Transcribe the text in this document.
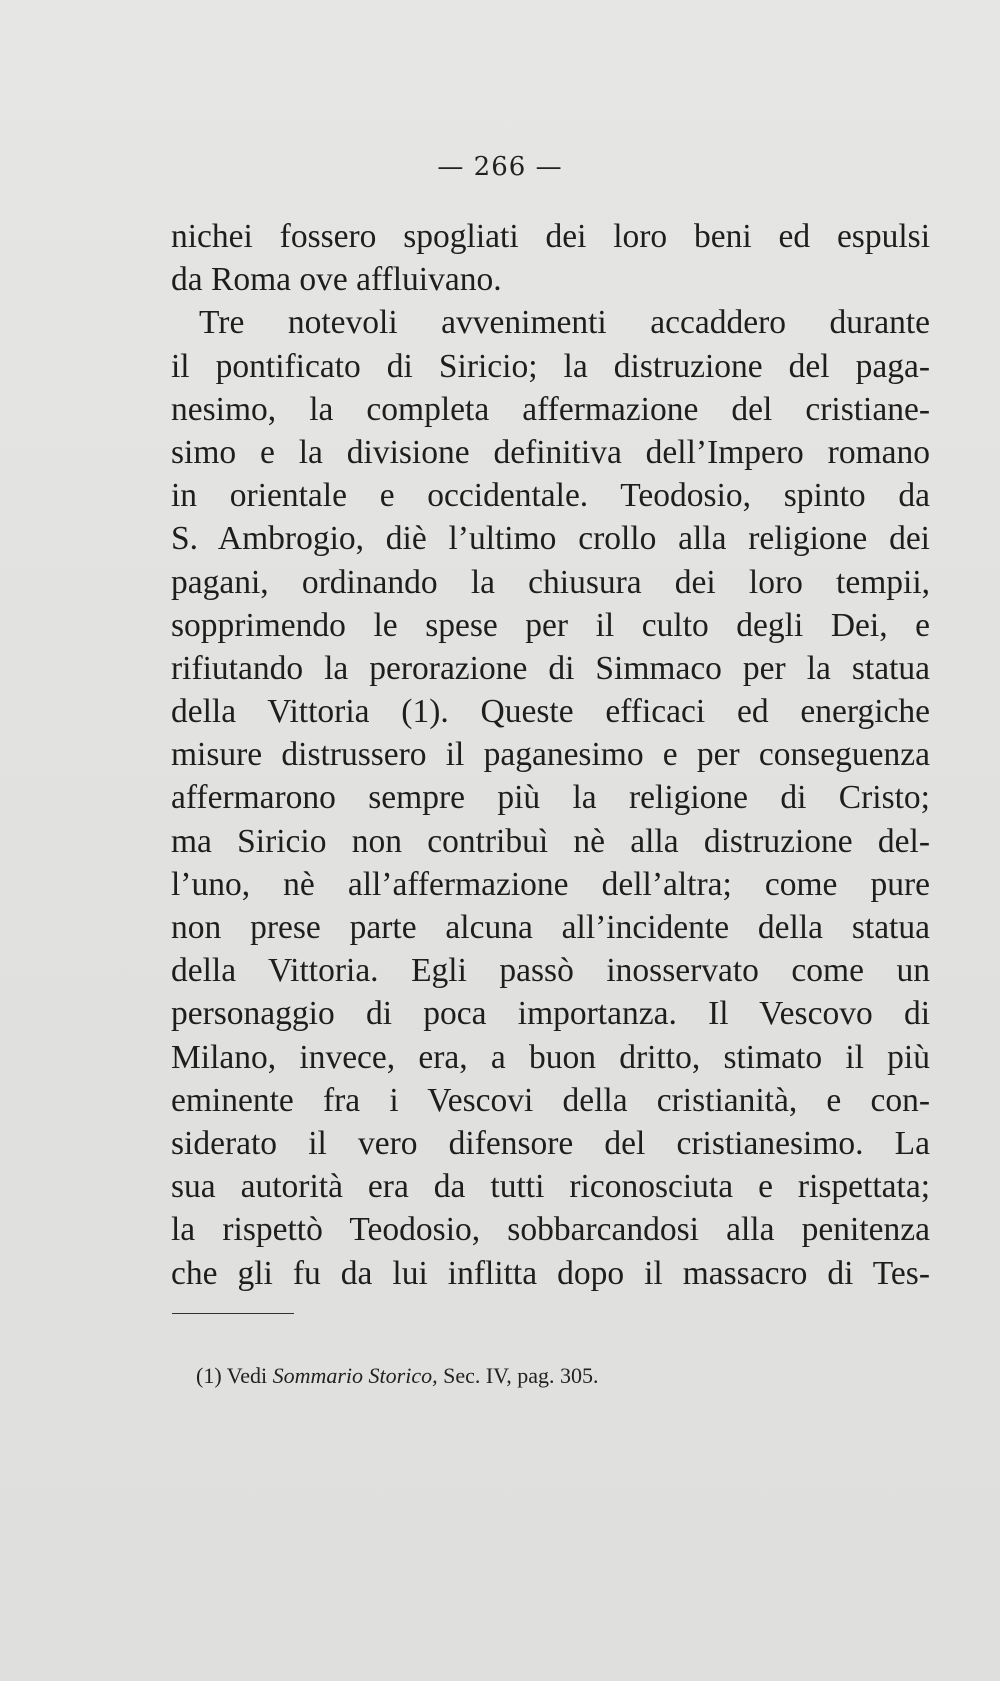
— 266 —
nichei fossero spogliati dei loro beni ed espulsi
da Roma ove affluivano.
Tre notevoli avvenimenti accaddero durante
il pontificato di Siricio; la distruzione del paga-
nesimo, la completa affermazione del cristiane-
simo e la divisione definitiva dell’Impero romano
in orientale e occidentale. Teodosio, spinto da
S. Ambrogio, diè l’ultimo crollo alla religione dei
pagani, ordinando la chiusura dei loro tempii,
sopprimendo le spese per il culto degli Dei, e
rifiutando la perorazione di Simmaco per la statua
della Vittoria (1). Queste efficaci ed energiche
misure distrussero il paganesimo e per conseguenza
affermarono sempre più la religione di Cristo;
ma Siricio non contribuì nè alla distruzione del-
l’uno, nè all’affermazione dell’altra; come pure
non prese parte alcuna all’incidente della statua
della Vittoria. Egli passò inosservato come un
personaggio di poca importanza. Il Vescovo di
Milano, invece, era, a buon dritto, stimato il più
eminente fra i Vescovi della cristianità, e con-
siderato il vero difensore del cristianesimo. La
sua autorità era da tutti riconosciuta e rispettata;
la rispettò Teodosio, sobbarcandosi alla penitenza
che gli fu da lui inflitta dopo il massacro di Tes-
(1) Vedi Sommario Storico, Sec. IV, pag. 305.
